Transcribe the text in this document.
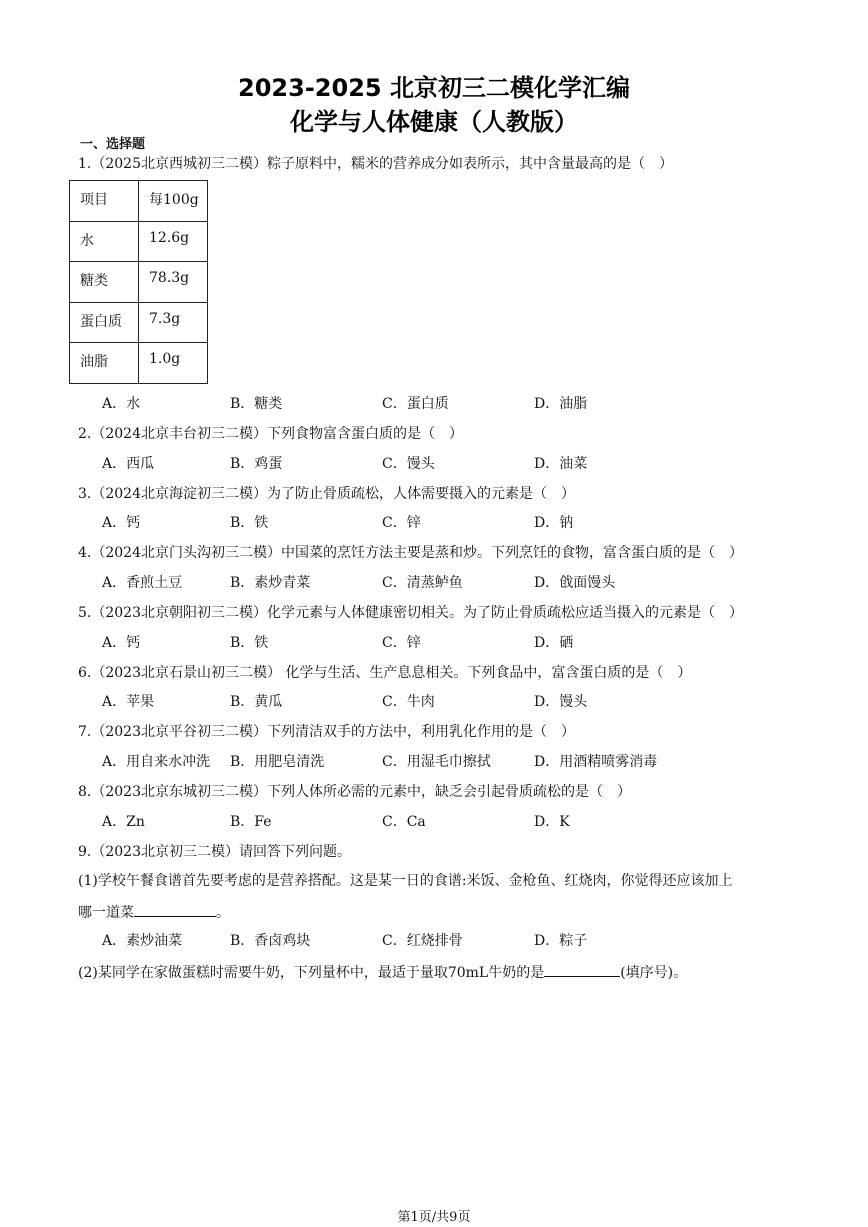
2023-2025 北京初三二模化学汇编
化学与人体健康（人教版）
一、选择题
1.（2025北京西城初三二模）粽子原料中，糯米的营养成分如表所示，其中含量最高的是（　）
项目	每100g
水	12.6g
糖类	78.3g
蛋白质	7.3g
油脂	1.0g
A．水	B．糖类	C．蛋白质	D．油脂
2.（2024北京丰台初三二模）下列食物富含蛋白质的是（　）
A．西瓜	B．鸡蛋	C．馒头	D．油菜
3.（2024北京海淀初三二模）为了防止骨质疏松，人体需要摄入的元素是（　）
A．钙	B．铁	C．锌	D．钠
4.（2024北京门头沟初三二模）中国菜的烹饪方法主要是蒸和炒。下列烹饪的食物，富含蛋白质的是（　）
A．香煎土豆	B．素炒青菜	C．清蒸鲈鱼	D．戗面馒头
5.（2023北京朝阳初三二模）化学元素与人体健康密切相关。为了防止骨质疏松应适当摄入的元素是（　）
A．钙	B．铁	C．锌	D．硒
6.（2023北京石景山初三二模） 化学与生活、生产息息相关。下列食品中，富含蛋白质的是（　）
A．苹果	B．黄瓜	C．牛肉	D．馒头
7.（2023北京平谷初三二模）下列清洁双手的方法中，利用乳化作用的是（　）
A．用自来水冲洗 B．用肥皂清洗	C．用湿毛巾擦拭	D．用酒精喷雾消毒
8.（2023北京东城初三二模）下列人体所必需的元素中，缺乏会引起骨质疏松的是（　）
A．Zn	B．Fe	C．Ca	D．K
9.（2023北京初三二模）请回答下列问题。
(1)学校午餐食谱首先要考虑的是营养搭配。这是某一日的食谱:米饭、金枪鱼、红烧肉，你觉得还应该加上
哪一道菜	。
A．素炒油菜	B．香卤鸡块	C．红烧排骨	D．粽子
(2)某同学在家做蛋糕时需要牛奶，下列量杯中，最适于量取70mL牛奶的是	(填序号)。
第1页/共9页
